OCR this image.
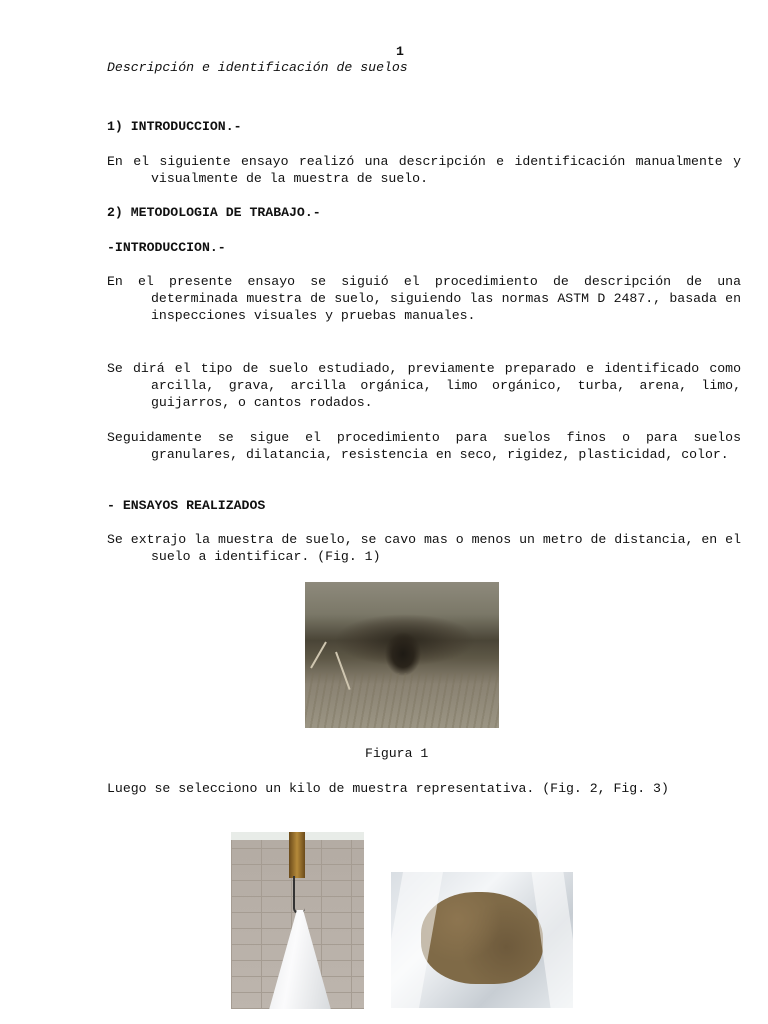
1
Descripción e identificación de suelos

1) INTRODUCCION.-

En el siguiente ensayo realizó una descripción e identificación manualmente y visualmente de la muestra de suelo.

2) METODOLOGIA DE TRABAJO.-

-INTRODUCCION.-

En el presente ensayo se siguió el procedimiento de descripción de una determinada muestra de suelo, siguiendo las normas ASTM D 2487., basada en inspecciones visuales y pruebas manuales.

Se dirá el tipo de suelo estudiado, previamente preparado e identificado como arcilla, grava, arcilla orgánica, limo orgánico, turba, arena, limo, guijarros, o cantos rodados.

Seguidamente se sigue el procedimiento para suelos finos o para suelos granulares, dilatancia, resistencia en seco, rigidez, plasticidad, color.

- ENSAYOS REALIZADOS

Se extrajo la muestra de suelo, se cavo mas o menos un metro de distancia, en el suelo a identificar. (Fig. 1)

Figura 1

Luego se selecciono un kilo de muestra representativa. (Fig. 2, Fig. 3)
